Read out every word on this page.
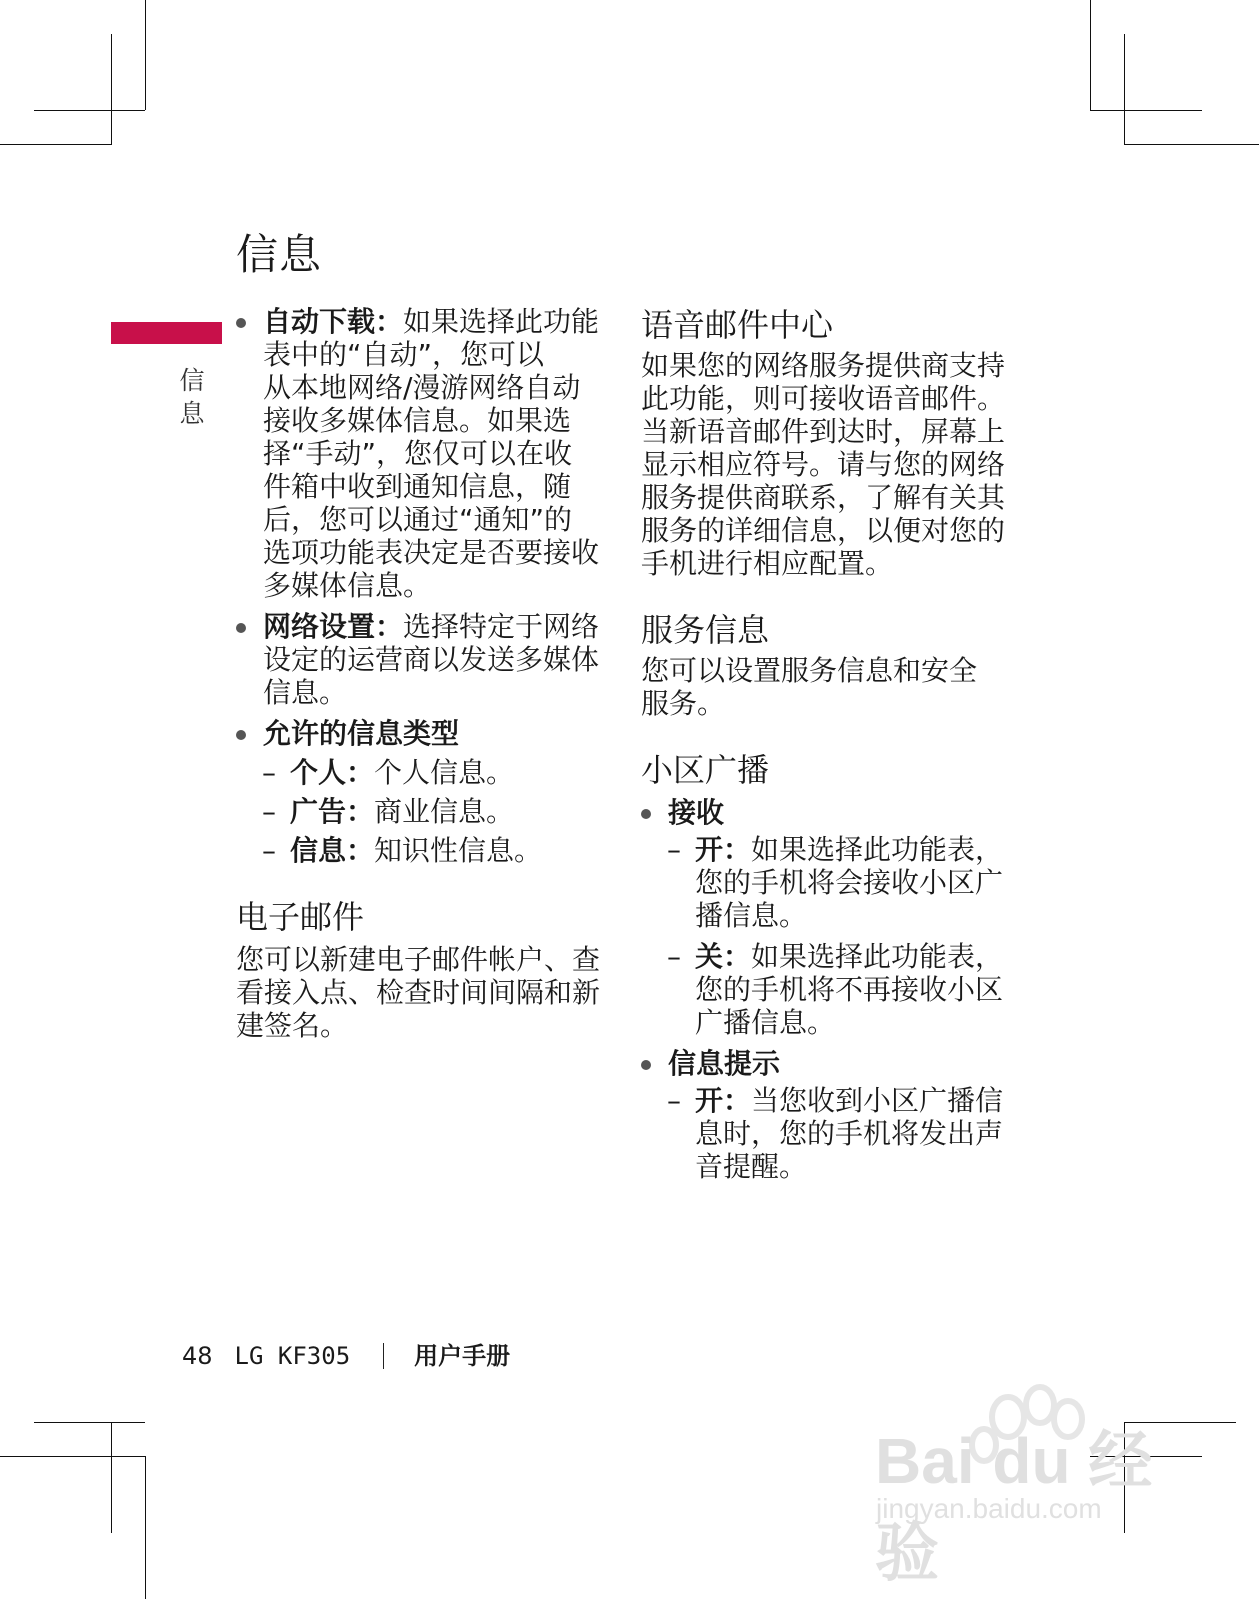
信息
信
息
自动下载：如果选择此功能
表中的“自动”，您可以
从本地网络/漫游网络自动
接收多媒体信息。如果选
择“手动”，您仅可以在收
件箱中收到通知信息，随
后，您可以通过“通知”的
选项功能表决定是否要接收
多媒体信息。
网络设置：选择特定于网络
设定的运营商以发送多媒体
信息。
允许的信息类型
– 个人：个人信息。
– 广告：商业信息。
– 信息：知识性信息。
电子邮件

您可以新建电子邮件帐户、查
看接入点、检查时间间隔和新
建签名。

语音邮件中心

如果您的网络服务提供商支持
此功能，则可接收语音邮件。
当新语音邮件到达时，屏幕上
显示相应符号。请与您的网络
服务提供商联系，了解有关其
服务的详细信息，以便对您的
手机进行相应配置。

服务信息

您可以设置服务信息和安全
服务。

小区广播
接收
– 开：如果选择此功能表，
您的手机将会接收小区广
播信息。
– 关：如果选择此功能表，
您的手机将不再接收小区
广播信息。
信息提示
– 开：当您收到小区广播信
息时，您的手机将发出声
音提醒。
48 LG KF305	用户手册
Bai du 经验
jingyan.baidu.com
